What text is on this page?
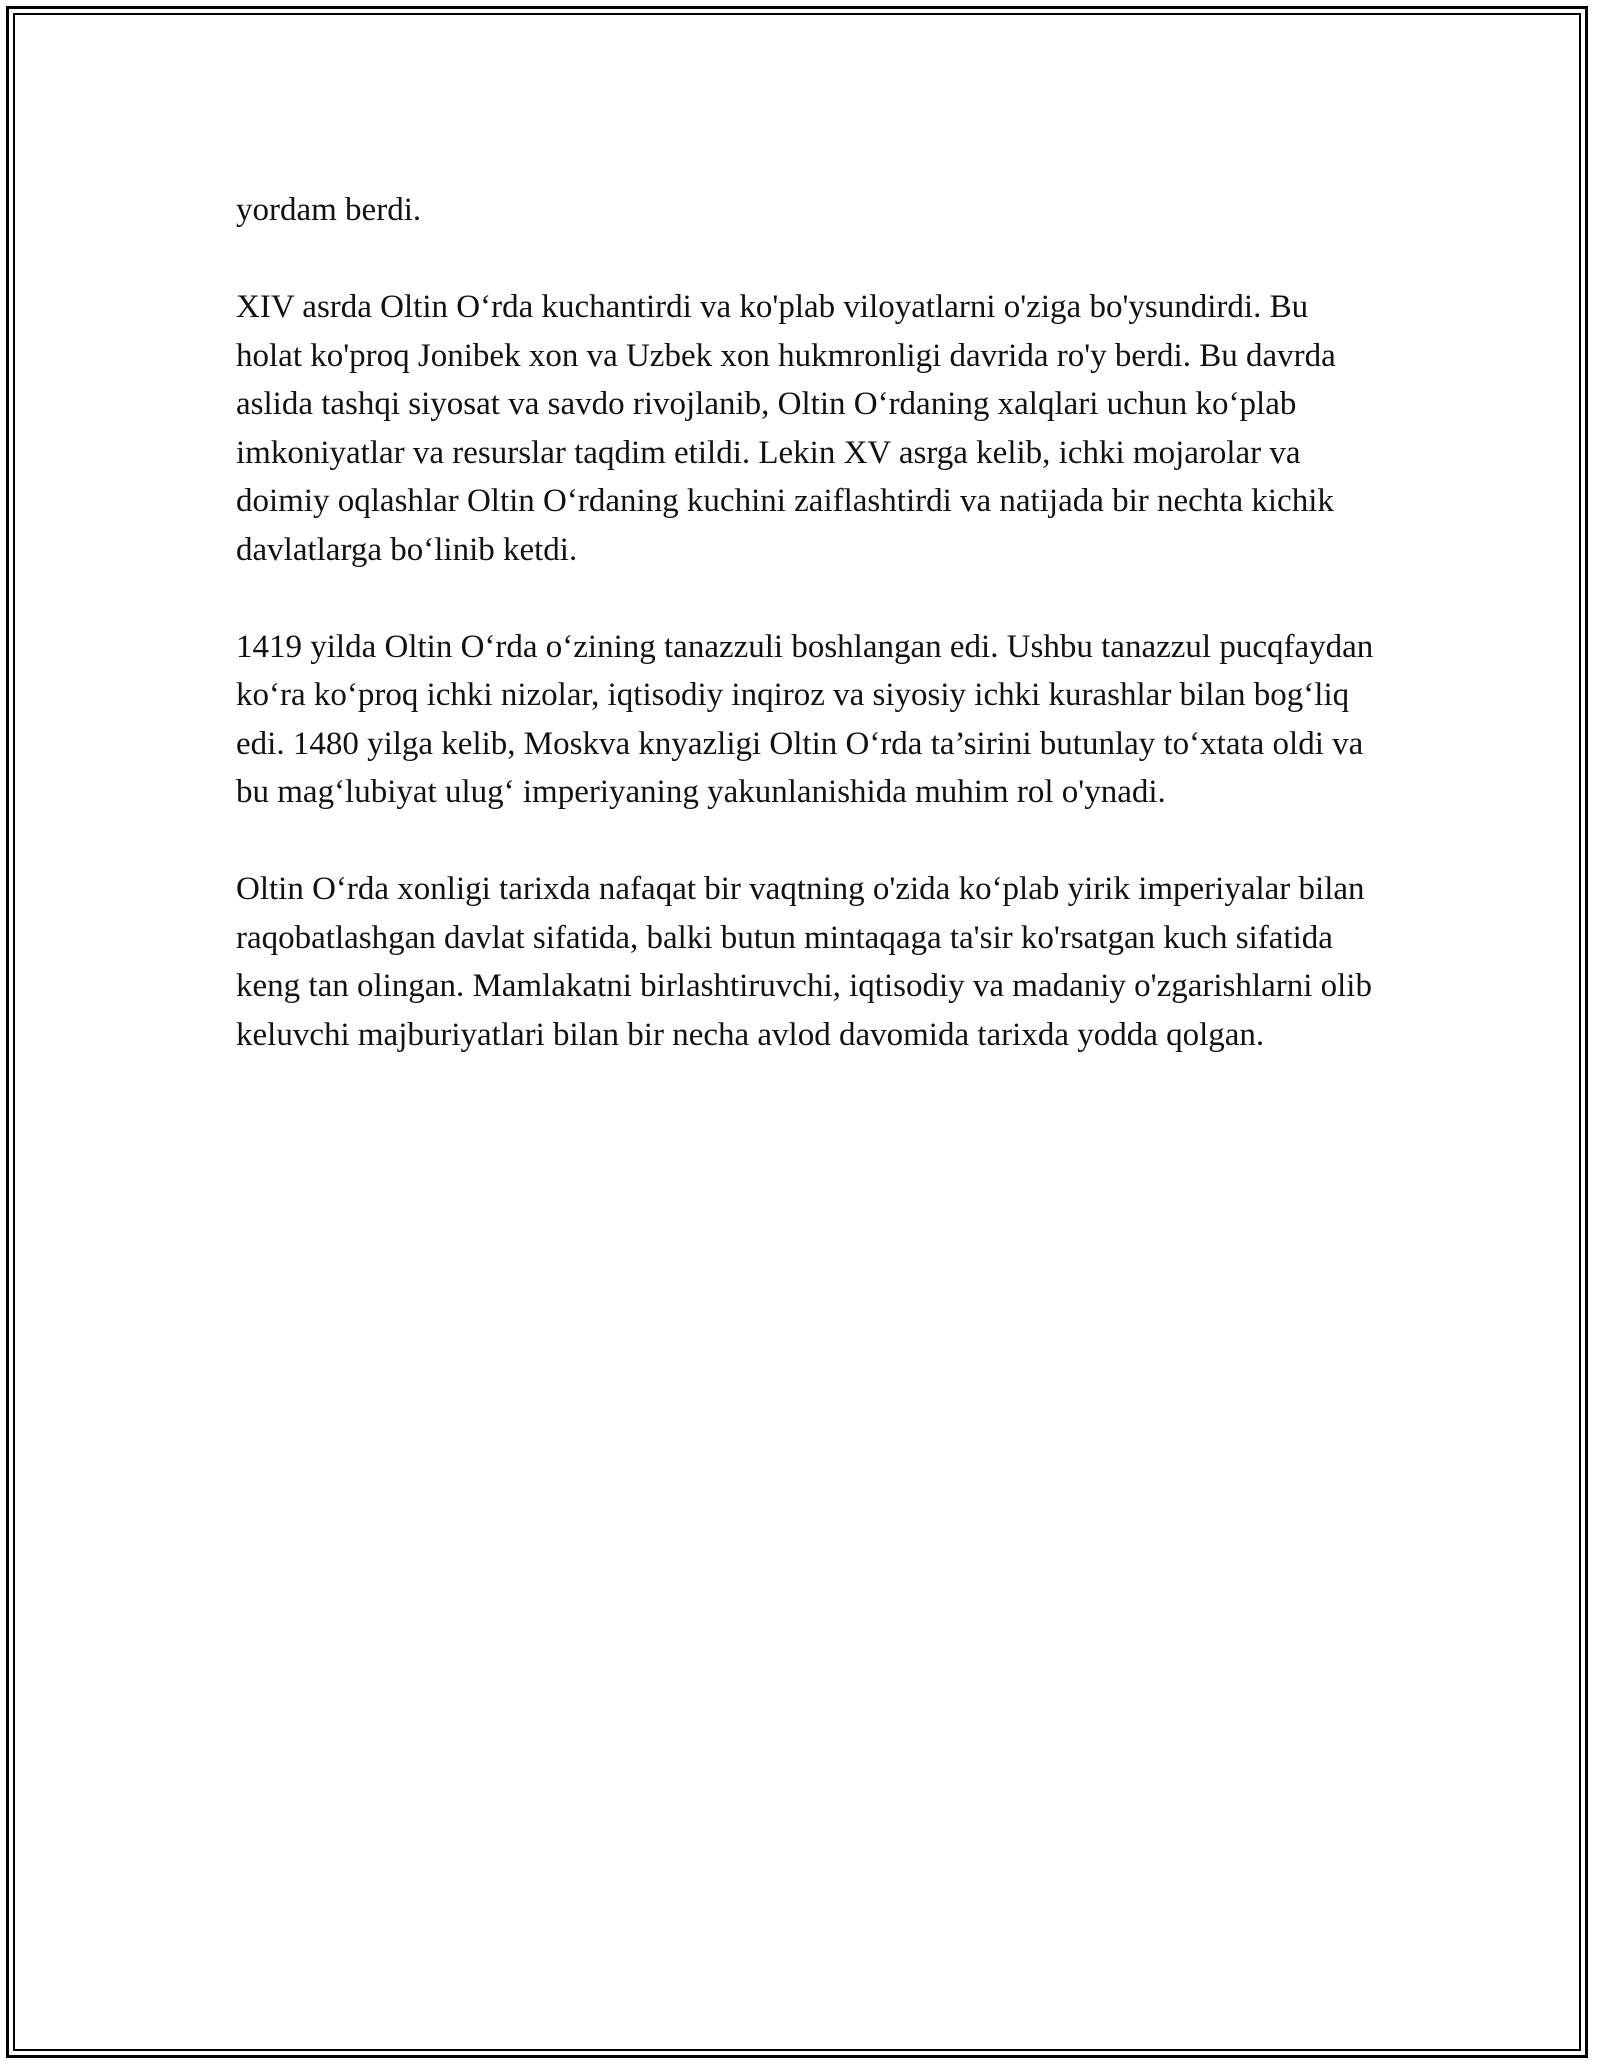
yordam berdi.

XIV asrda Oltin O‘rda kuchantirdi va ko'plab viloyatlarni o'ziga bo'ysundirdi. Bu holat ko'proq Jonibek xon va Uzbek xon hukmronligi davrida ro'y berdi. Bu davrda aslida tashqi siyosat va savdo rivojlanib, Oltin O‘rdaning xalqlari uchun ko‘plab imkoniyatlar va resurslar taqdim etildi. Lekin XV asrga kelib, ichki mojarolar va doimiy oqlashlar Oltin O‘rdaning kuchini zaiflashtirdi va natijada bir nechta kichik davlatlarga bo‘linib ketdi.

1419 yilda Oltin O‘rda o‘zining tanazzuli boshlangan edi. Ushbu tanazzul pucqfaydan ko‘ra ko‘proq ichki nizolar, iqtisodiy inqiroz va siyosiy ichki kurashlar bilan bog‘liq edi. 1480 yilga kelib, Moskva knyazligi Oltin O‘rda ta’sirini butunlay to‘xtata oldi va bu mag‘lubiyat ulug‘ imperiyaning yakunlanishida muhim rol o'ynadi.

Oltin O‘rda xonligi tarixda nafaqat bir vaqtning o'zida ko‘plab yirik imperiyalar bilan raqobatlashgan davlat sifatida, balki butun mintaqaga ta'sir ko'rsatgan kuch sifatida keng tan olingan. Mamlakatni birlashtiruvchi, iqtisodiy va madaniy o'zgarishlarni olib keluvchi majburiyatlari bilan bir necha avlod davomida tarixda yodda qolgan.
